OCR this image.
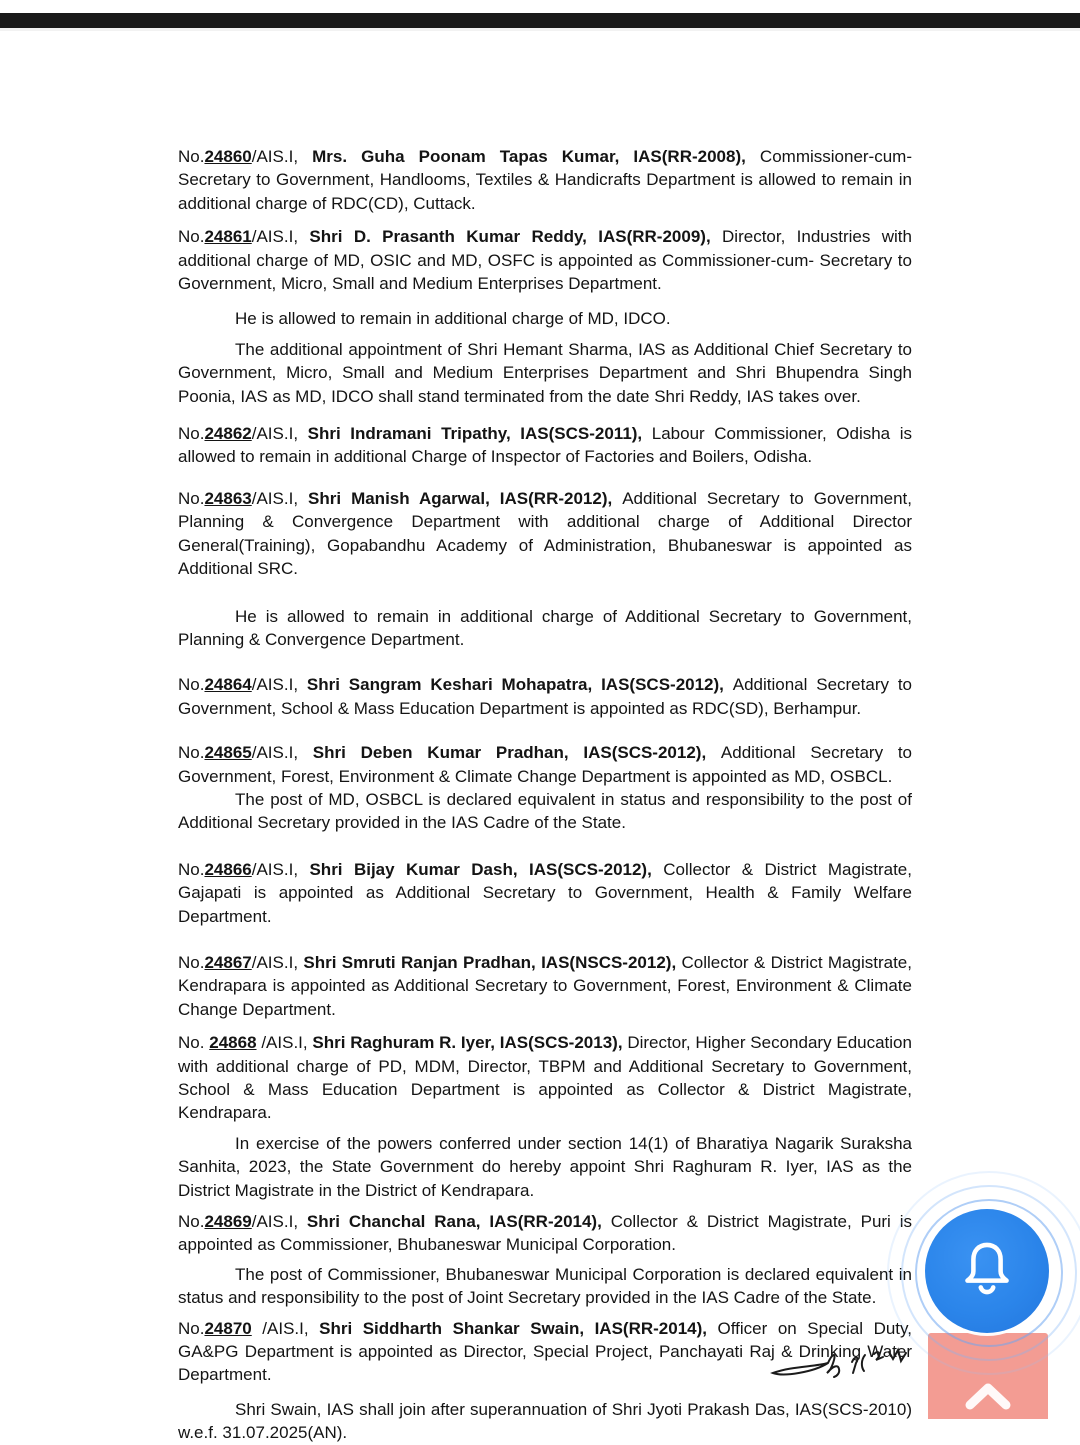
No.24860/AIS.I, Mrs. Guha Poonam Tapas Kumar, IAS(RR-2008), Commissioner-cum- Secretary to Government, Handlooms, Textiles & Handicrafts Department is allowed to remain in additional charge of RDC(CD), Cuttack.

No.24861/AIS.I, Shri D. Prasanth Kumar Reddy, IAS(RR-2009), Director, Industries with additional charge of MD, OSIC and MD, OSFC is appointed as Commissioner-cum- Secretary to Government, Micro, Small and Medium Enterprises Department.

He is allowed to remain in additional charge of MD, IDCO.

The additional appointment of Shri Hemant Sharma, IAS as Additional Chief Secretary to Government, Micro, Small and Medium Enterprises Department and Shri Bhupendra Singh Poonia, IAS as MD, IDCO shall stand terminated from the date Shri Reddy, IAS takes over.

No.24862/AIS.I, Shri Indramani Tripathy, IAS(SCS-2011), Labour Commissioner, Odisha is allowed to remain in additional Charge of Inspector of Factories and Boilers, Odisha.

No.24863/AIS.I, Shri Manish Agarwal, IAS(RR-2012), Additional Secretary to Government, Planning & Convergence Department with additional charge of Additional Director General(Training), Gopabandhu Academy of Administration, Bhubaneswar is appointed as Additional SRC.

He is allowed to remain in additional charge of Additional Secretary to Government, Planning & Convergence Department.

No.24864/AIS.I, Shri Sangram Keshari Mohapatra, IAS(SCS-2012), Additional Secretary to Government, School & Mass Education Department is appointed as RDC(SD), Berhampur.

No.24865/AIS.I, Shri Deben Kumar Pradhan, IAS(SCS-2012), Additional Secretary to Government, Forest, Environment & Climate Change Department is appointed as MD, OSBCL.

The post of MD, OSBCL is declared equivalent in status and responsibility to the post of Additional Secretary provided in the IAS Cadre of the State.

No.24866/AIS.I, Shri Bijay Kumar Dash, IAS(SCS-2012), Collector & District Magistrate, Gajapati is appointed as Additional Secretary to Government, Health & Family Welfare Department.

No.24867/AIS.I, Shri Smruti Ranjan Pradhan, IAS(NSCS-2012), Collector & District Magistrate, Kendrapara is appointed as Additional Secretary to Government, Forest, Environment & Climate Change Department.

No. 24868 /AIS.I, Shri Raghuram R. Iyer, IAS(SCS-2013), Director, Higher Secondary Education with additional charge of PD, MDM, Director, TBPM and Additional Secretary to Government, School & Mass Education Department is appointed as Collector & District Magistrate, Kendrapara.

In exercise of the powers conferred under section 14(1) of Bharatiya Nagarik Suraksha Sanhita, 2023, the State Government do hereby appoint Shri Raghuram R. Iyer, IAS as the District Magistrate in the District of Kendrapara.

No.24869/AIS.I, Shri Chanchal Rana, IAS(RR-2014), Collector & District Magistrate, Puri is appointed as Commissioner, Bhubaneswar Municipal Corporation.

The post of Commissioner, Bhubaneswar Municipal Corporation is declared equivalent in status and responsibility to the post of Joint Secretary provided in the IAS Cadre of the State.

No.24870 /AIS.I, Shri Siddharth Shankar Swain, IAS(RR-2014), Officer on Special Duty, GA&PG Department is appointed as Director, Special Project, Panchayati Raj & Drinking Water Department.

Shri Swain, IAS shall join after superannuation of Shri Jyoti Prakash Das, IAS(SCS-2010) w.e.f. 31.07.2025(AN).
